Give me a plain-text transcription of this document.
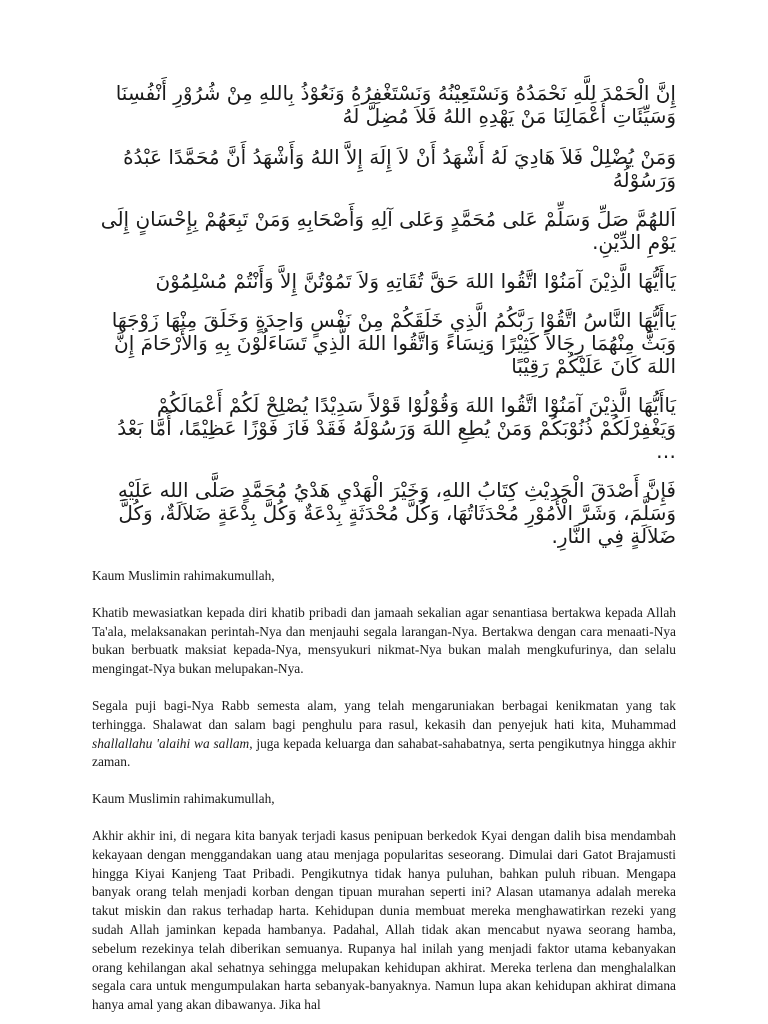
إِنَّ الْحَمْدَ لِلَّهِ نَحْمَدُهُ وَنَسْتَعِيْنُهُ وَنَسْتَغْفِرُهُ وَنَعُوْذُ بِاللهِ مِنْ شُرُوْرِ أَنْفُسِنَا وَسَيِّئَاتِ أَعْمَالِنَا مَنْ يَهْدِهِ اللهُ فَلاَ مُضِلَّ لَهُ

وَمَنْ يُضْلِلْ فَلاَ هَادِيَ لَهُ أَشْهَدُ أَنْ لاَ إِلَهَ إِلاَّ اللهُ وَأَشْهَدُ أَنَّ مُحَمَّدًا عَبْدُهُ وَرَسُوْلُهُ

اَللهُمَّ صَلِّ وَسَلِّمْ عَلى مُحَمَّدٍ وَعَلى آلِهِ وَأَصْحَابِهِ وَمَنْ تَبِعَهُمْ بِإِحْسَانٍ إِلَى يَوْمِ الدِّيْنِ.

يَاأَيُّهَا الَّذِيْنَ آمَنُوْا اتَّقُوا اللهَ حَقَّ تُقَاتِهِ وَلاَ تَمُوْتُنَّ إِلاَّ وَأَنْتُمْ مُسْلِمُوْنَ

يَاأَيُّهَا النَّاسُ اتَّقُوْا رَبَّكُمُ الَّذِي خَلَقَكُمْ مِنْ نَفْسٍ وَاحِدَةٍ وَخَلَقَ مِنْهَا زَوْجَهَا وَبَثَّ مِنْهُمَا رِجَالاً كَثِيْرًا وَنِسَاءً وَاتَّقُوا اللهَ الَّذِي تَسَاءَلُوْنَ بِهِ وَالأَرْحَامَ إِنَّ اللهَ كَانَ عَلَيْكُمْ رَقِيْبًا

يَاأَيُّهَا الَّذِيْنَ آمَنُوْا اتَّقُوا اللهَ وَقُوْلُوْا قَوْلاً سَدِيْدًا يُصْلِحْ لَكُمْ أَعْمَالَكُمْ وَيَغْفِرْلَكُمْ ذُنُوْبَكُمْ وَمَنْ يُطِعِ اللهَ وَرَسُوْلَهُ فَقَدْ فَازَ فَوْزًا عَظِيْمًا، أَمَّا بَعْدُ …

فَإِنَّ أَصْدَقَ الْحَدِيْثِ كِتَابُ اللهِ، وَخَيْرَ الْهَدْيِ هَدْيُ مُحَمَّدٍ صَلَّى الله عَلَيْهِ وَسَلَّمَ، وَشَرَّ الْأُمُوْرِ مُحْدَثَاتُهَا، وَكُلَّ مُحْدَثَةٍ بِدْعَةٌ وَكُلَّ بِدْعَةٍ ضَلاَلَةٌ، وَكُلَّ ضَلاَلَةٍ فِي النَّارِ.

Kaum Muslimin rahimakumullah,

Khatib mewasiatkan kepada diri khatib pribadi dan jamaah sekalian agar senantiasa bertakwa kepada Allah Ta'ala, melaksanakan perintah-Nya dan menjauhi segala larangan-Nya. Bertakwa dengan cara menaati-Nya bukan berbuatk maksiat kepada-Nya, mensyukuri nikmat-Nya bukan malah mengkufurinya, dan selalu mengingat-Nya bukan melupakan-Nya.

Segala puji bagi-Nya Rabb semesta alam, yang telah mengaruniakan berbagai kenikmatan yang tak terhingga. Shalawat dan salam bagi penghulu para rasul, kekasih dan penyejuk hati kita, Muhammad shallallahu 'alaihi wa sallam, juga kepada keluarga dan sahabat-sahabatnya, serta pengikutnya hingga akhir zaman.

Kaum Muslimin rahimakumullah,

Akhir akhir ini, di negara kita banyak terjadi kasus penipuan berkedok Kyai dengan dalih bisa mendambah kekayaan dengan menggandakan uang atau menjaga popularitas seseorang. Dimulai dari Gatot Brajamusti hingga Kiyai Kanjeng Taat Pribadi. Pengikutnya tidak hanya puluhan, bahkan puluh ribuan. Mengapa banyak orang telah menjadi korban dengan tipuan murahan seperti ini? Alasan utamanya adalah mereka takut miskin dan rakus terhadap harta. Kehidupan dunia membuat mereka menghawatirkan rezeki yang sudah Allah jaminkan kepada hambanya. Padahal, Allah tidak akan mencabut nyawa seorang hamba, sebelum rezekinya telah diberikan semuanya. Rupanya hal inilah yang menjadi faktor utama kebanyakan orang kehilangan akal sehatnya sehingga melupakan kehidupan akhirat. Mereka terlena dan menghalalkan segala cara untuk mengumpulakan harta sebanyak-banyaknya. Namun lupa akan kehidupan akhirat dimana hanya amal yang akan dibawanya. Jika hal
